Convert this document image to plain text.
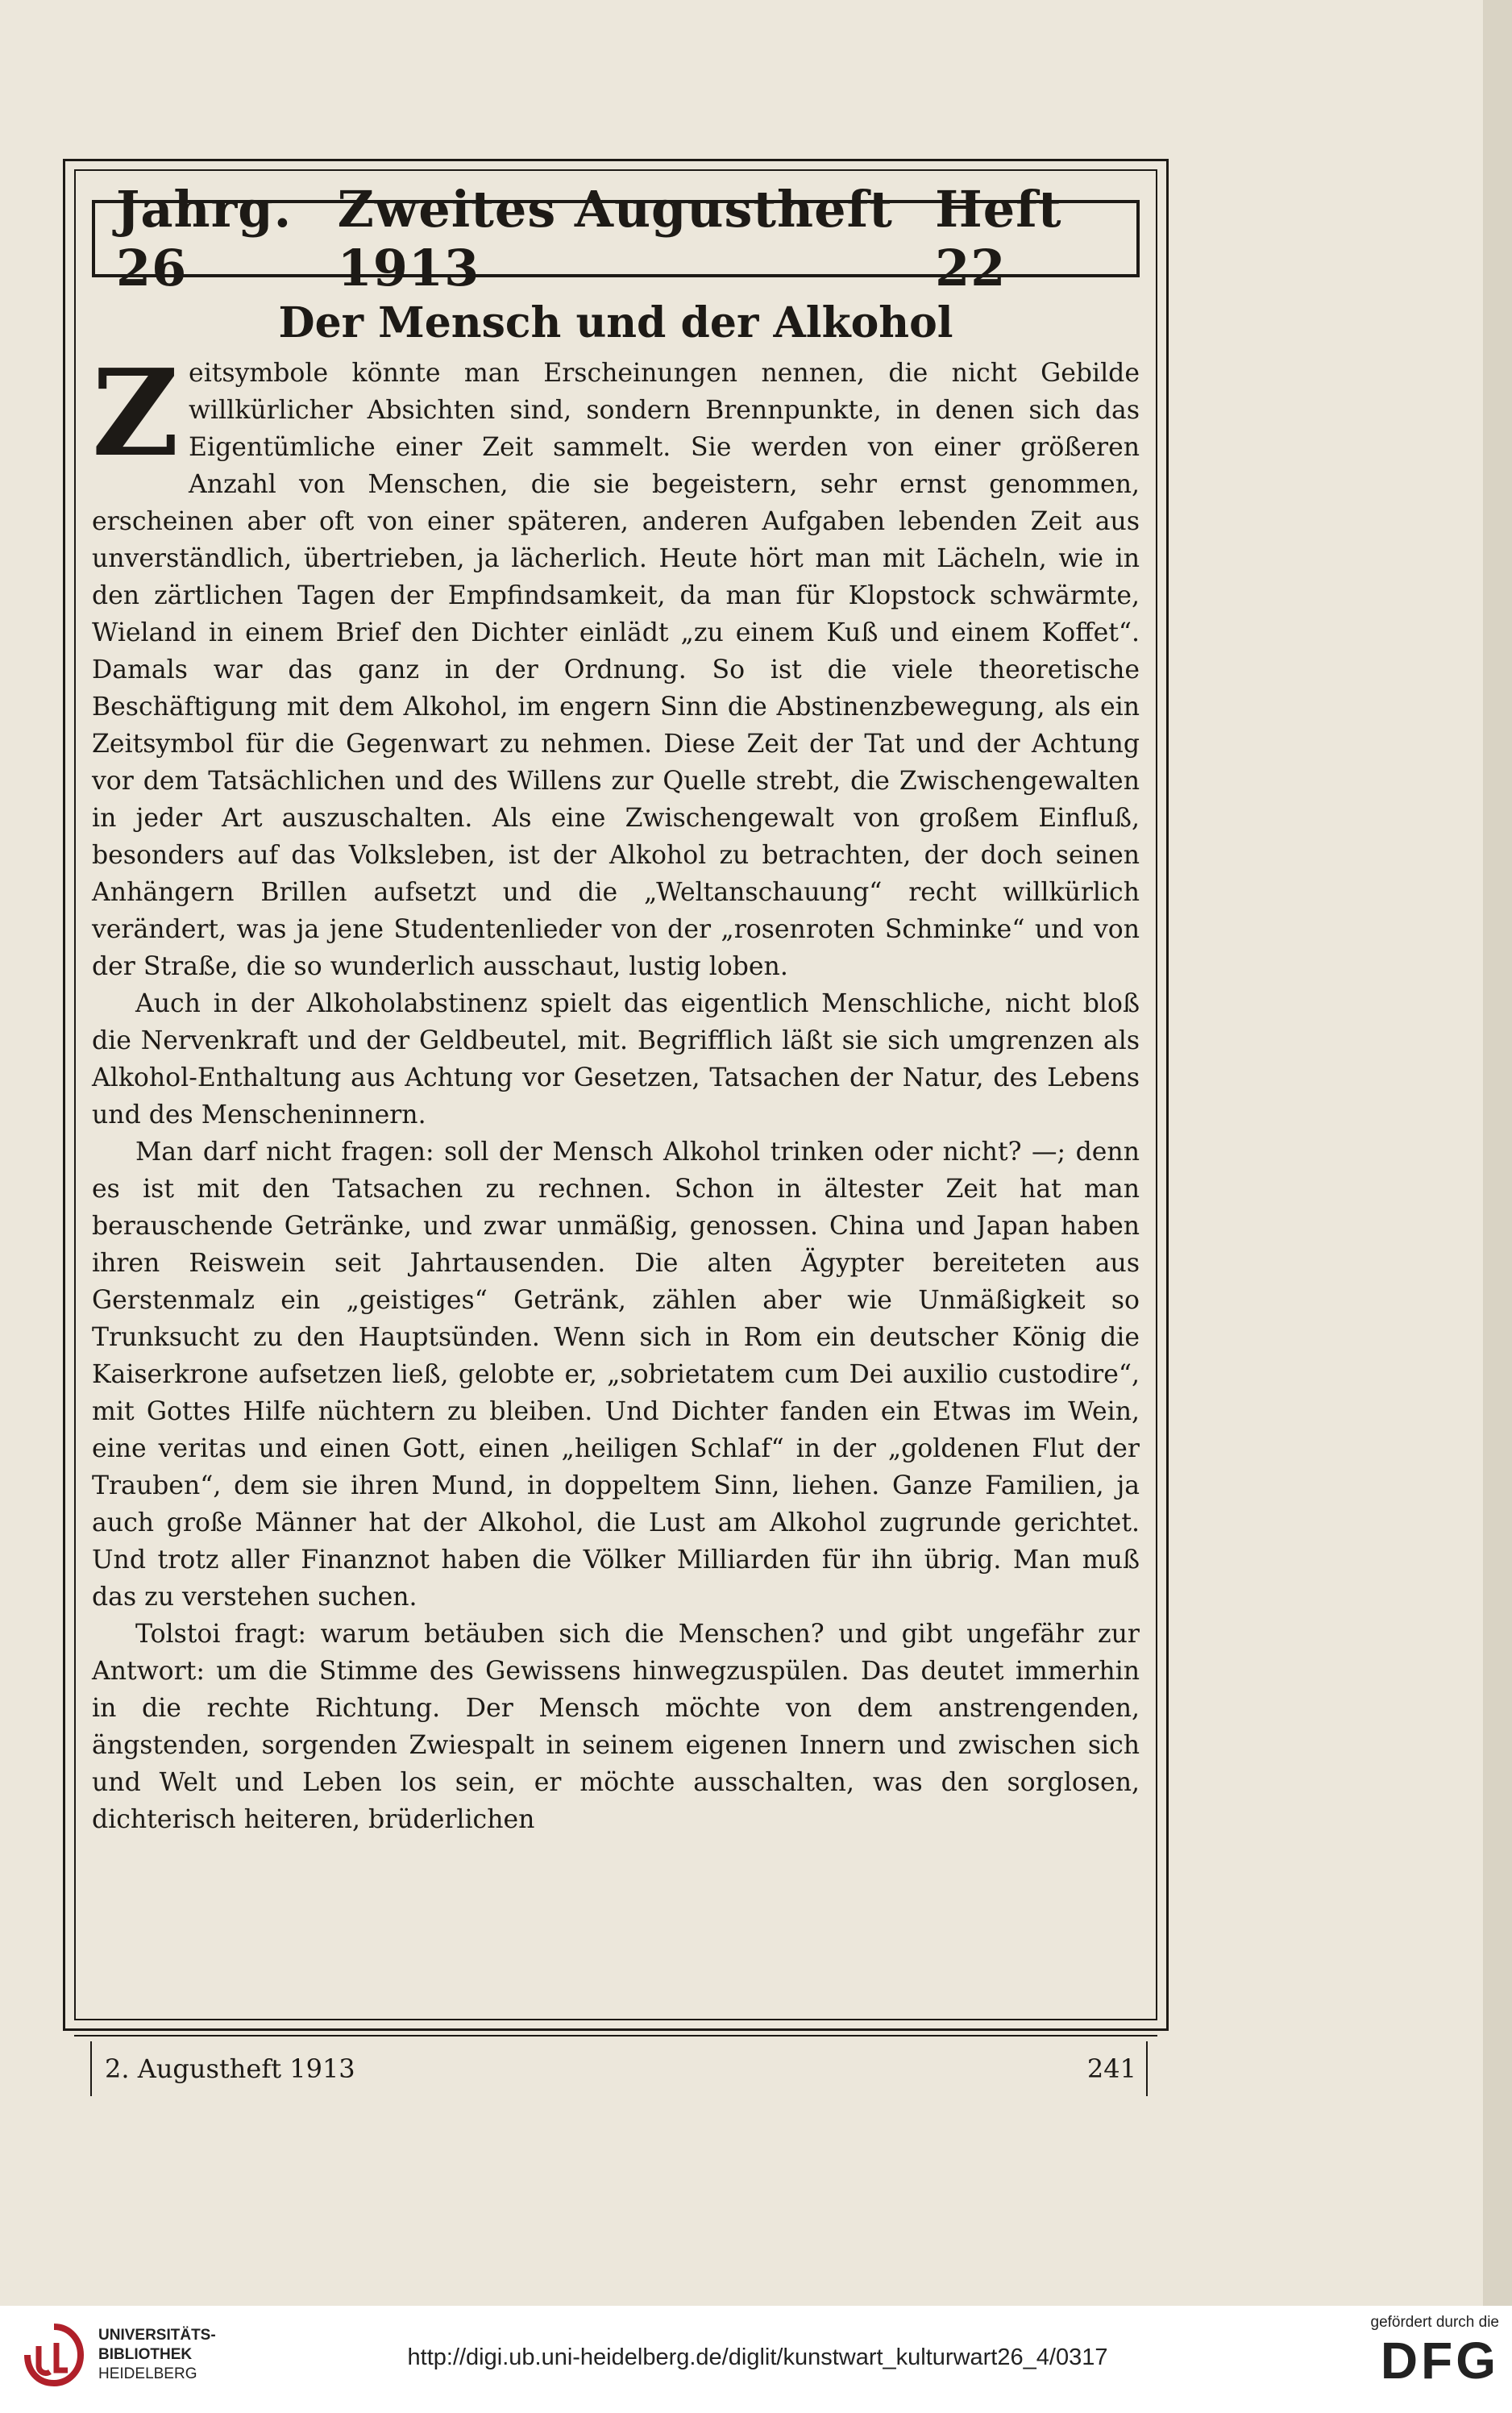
Jahrg. 26
Zweites Augustheft 1913
Heft 22
Der Mensch und der Alkohol

Zeitsymbole könnte man Erscheinungen nennen, die nicht Gebilde willkürlicher Absichten sind, sondern Brennpunkte, in denen sich das Eigentümliche einer Zeit sammelt. Sie werden von einer größeren Anzahl von Menschen, die sie begeistern, sehr ernst genommen, erscheinen aber oft von einer späteren, anderen Aufgaben lebenden Zeit aus unverständlich, übertrieben, ja lächerlich. Heute hört man mit Lächeln, wie in den zärtlichen Tagen der Empfindsamkeit, da man für Klopstock schwärmte, Wieland in einem Brief den Dichter einlädt „zu einem Kuß und einem Koffet“. Damals war das ganz in der Ordnung. So ist die viele theoretische Beschäftigung mit dem Alkohol, im engern Sinn die Abstinenzbewegung, als ein Zeitsymbol für die Gegenwart zu nehmen. Diese Zeit der Tat und der Achtung vor dem Tatsächlichen und des Willens zur Quelle strebt, die Zwischengewalten in jeder Art auszuschalten. Als eine Zwischengewalt von großem Einfluß, besonders auf das Volksleben, ist der Alkohol zu betrachten, der doch seinen Anhängern Brillen aufsetzt und die „Weltanschauung“ recht willkürlich verändert, was ja jene Studentenlieder von der „rosenroten Schminke“ und von der Straße, die so wunderlich ausschaut, lustig loben.

Auch in der Alkoholabstinenz spielt das eigentlich Menschliche, nicht bloß die Nervenkraft und der Geldbeutel, mit. Begrifflich läßt sie sich umgrenzen als Alkohol-Enthaltung aus Achtung vor Gesetzen, Tatsachen der Natur, des Lebens und des Menscheninnern.

Man darf nicht fragen: soll der Mensch Alkohol trinken oder nicht? —; denn es ist mit den Tatsachen zu rechnen. Schon in ältester Zeit hat man berauschende Getränke, und zwar unmäßig, genossen. China und Japan haben ihren Reiswein seit Jahrtausenden. Die alten Ägypter bereiteten aus Gerstenmalz ein „geistiges“ Getränk, zählen aber wie Unmäßigkeit so Trunksucht zu den Hauptsünden. Wenn sich in Rom ein deutscher König die Kaiserkrone aufsetzen ließ, gelobte er, „sobrietatem cum Dei auxilio custodire“, mit Gottes Hilfe nüchtern zu bleiben. Und Dichter fanden ein Etwas im Wein, eine veritas und einen Gott, einen „heiligen Schlaf“ in der „goldenen Flut der Trauben“, dem sie ihren Mund, in doppeltem Sinn, liehen. Ganze Familien, ja auch große Männer hat der Alkohol, die Lust am Alkohol zugrunde gerichtet. Und trotz aller Finanznot haben die Völker Milliarden für ihn übrig. Man muß das zu verstehen suchen.

Tolstoi fragt: warum betäuben sich die Menschen? und gibt ungefähr zur Antwort: um die Stimme des Gewissens hinwegzuspülen. Das deutet immerhin in die rechte Richtung. Der Mensch möchte von dem anstrengenden, ängstenden, sorgenden Zwiespalt in seinem eigenen Innern und zwischen sich und Welt und Leben los sein, er möchte ausschalten, was den sorglosen, dichterisch heiteren, brüderlichen

2. Augustheft 1913	241
UNIVERSITÄTS-
BIBLIOTHEK
HEIDELBERG
http://digi.ub.uni-heidelberg.de/diglit/kunstwart_kulturwart26_4/0317
gefördert durch die
DFG
